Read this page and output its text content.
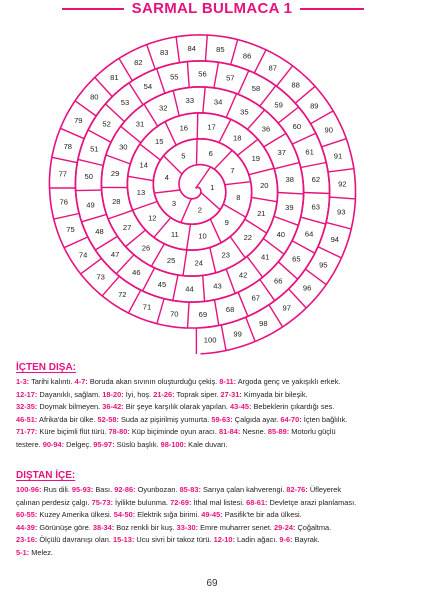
SARMAL BULMACA 1
1
2
3
4
5	6
7
8
9
10
11
12
13
14
15
16	17
18
19
20
21
22
23
24
25
26
27
28
29
30
31
32
33	34
35
36
37
38
39
40
41
42
43
44
45
46
47
48
49
50
51
52
53
54
55	56	57
58
59
60
61
62
63
64
65
66
67
68
69
70
71
72
73
74
75
76
77
78
79
80
81
82
83	84	85
86
87
88
89
90
91
92
93
94
95
96
97
98
99
100
İÇTEN DIŞA:
1-3: Tarihi kalıntı. 4-7: Boruda akan sıvının oluşturduğu çekiş. 8-11: Argoda genç ve yakışıklı erkek.
12-17: Dayanıklı, sağlam. 18-20: İyi, hoş. 21-26: Toprak siper. 27-31: Kimyada bir bileşik.
32-35: Doymak bilmeyen. 36-42: Bir şeye karşılık olarak yapılan. 43-45: Bebeklerin çıkardığı ses.
46-51: Afrika'da bir ülke. 52-58: Suda az pişirilmiş yumurta. 59-63: Çalgıda ayar. 64-70: İçten bağlılık.
71-77: Küre biçimli flüt türü. 78-80: Küp biçiminde oyun aracı. 81-84: Nesne. 85-89: Motorlu güçlü
testere. 90-94: Delgeç. 95-97: Süslü başlık. 98-100: Kale duvarı.
DIŞTAN İÇE:
100-96: Rus dili. 95-93: Bası. 92-86: Oyunbozan. 85-83: Sarıya çalan kahverengi. 82-76: Üfleyerek
çalınan perdesiz çalgı. 75-73: İyilikte bulunma. 72-69: İthal mal listesi. 68-61: Devletçe arazi planlaması.
60-55: Kuzey Amerika ülkesi. 54-50: Elektrik sığa birimi. 49-45: Pasifik'te bir ada ülkesi.
44-39: Görünüşe göre. 38-34: Boz renkli bir kuş. 33-30: Emre muharrer senet. 29-24: Çoğaltma.
23-16: Ölçülü davranışı olan. 15-13: Ucu sivri bir takoz türü. 12-10: Ladin ağacı. 9-6: Bayrak.
5-1: Melez.
69
